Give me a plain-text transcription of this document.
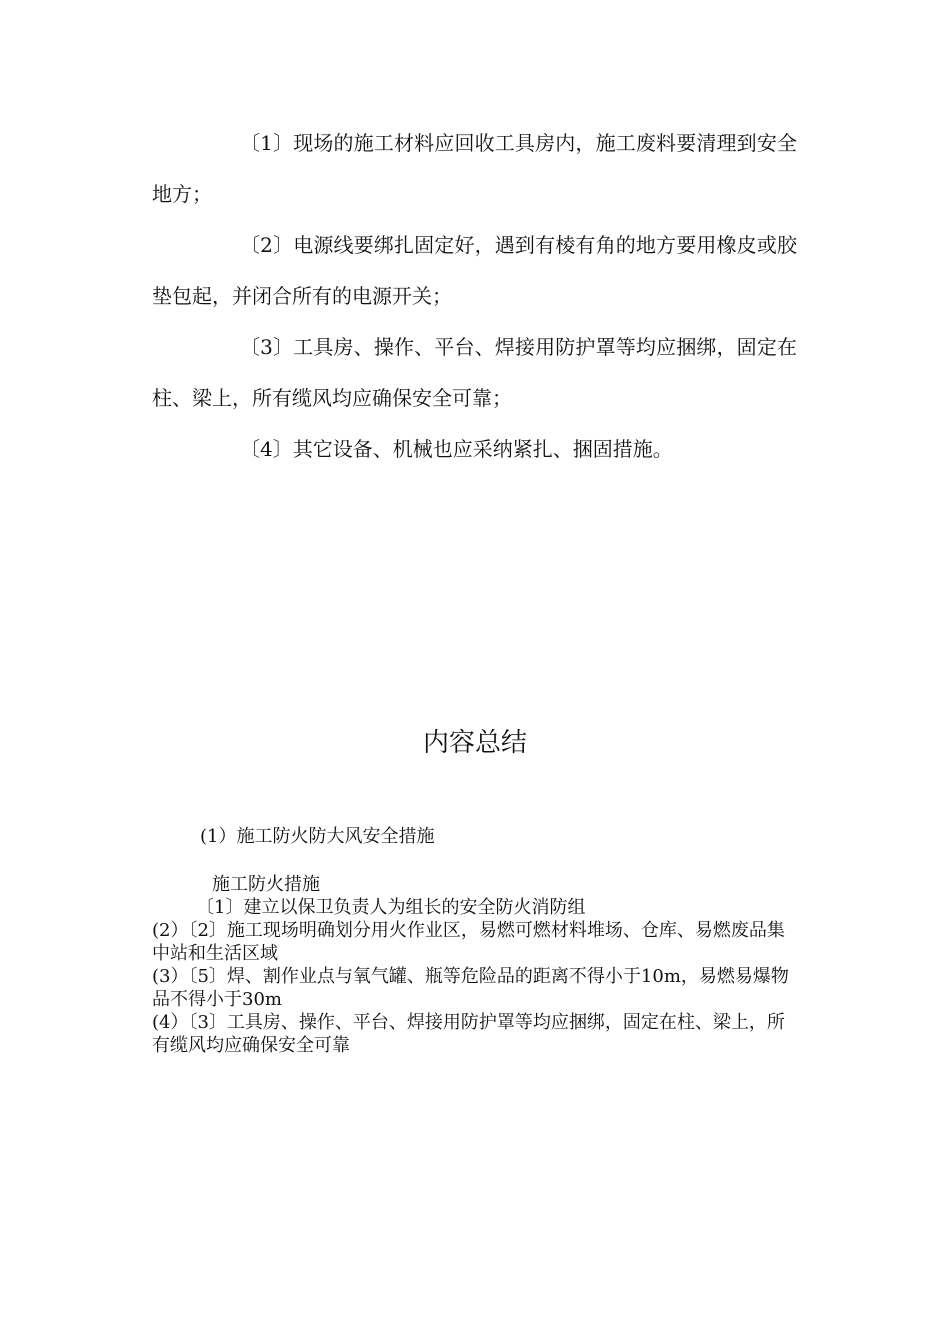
〔1〕现场的施工材料应回收工具房内，施工废料要清理到安全地方；

〔2〕电源线要绑扎固定好，遇到有棱有角的地方要用橡皮或胶垫包起，并闭合所有的电源开关；

〔3〕工具房、操作、平台、焊接用防护罩等均应捆绑，固定在柱、梁上，所有缆风均应确保安全可靠；

〔4〕其它设备、机械也应采纳紧扎、捆固措施。

内容总结

(1）施工防火防大风安全措施

施工防火措施

〔1〕建立以保卫负责人为组长的安全防火消防组

(2）〔2〕施工现场明确划分用火作业区，易燃可燃材料堆场、仓库、易燃废品集中站和生活区域

(3）〔5〕焊、割作业点与氧气罐、瓶等危险品的距离不得小于10m，易燃易爆物品不得小于30m

(4）〔3〕工具房、操作、平台、焊接用防护罩等均应捆绑，固定在柱、梁上，所有缆风均应确保安全可靠
